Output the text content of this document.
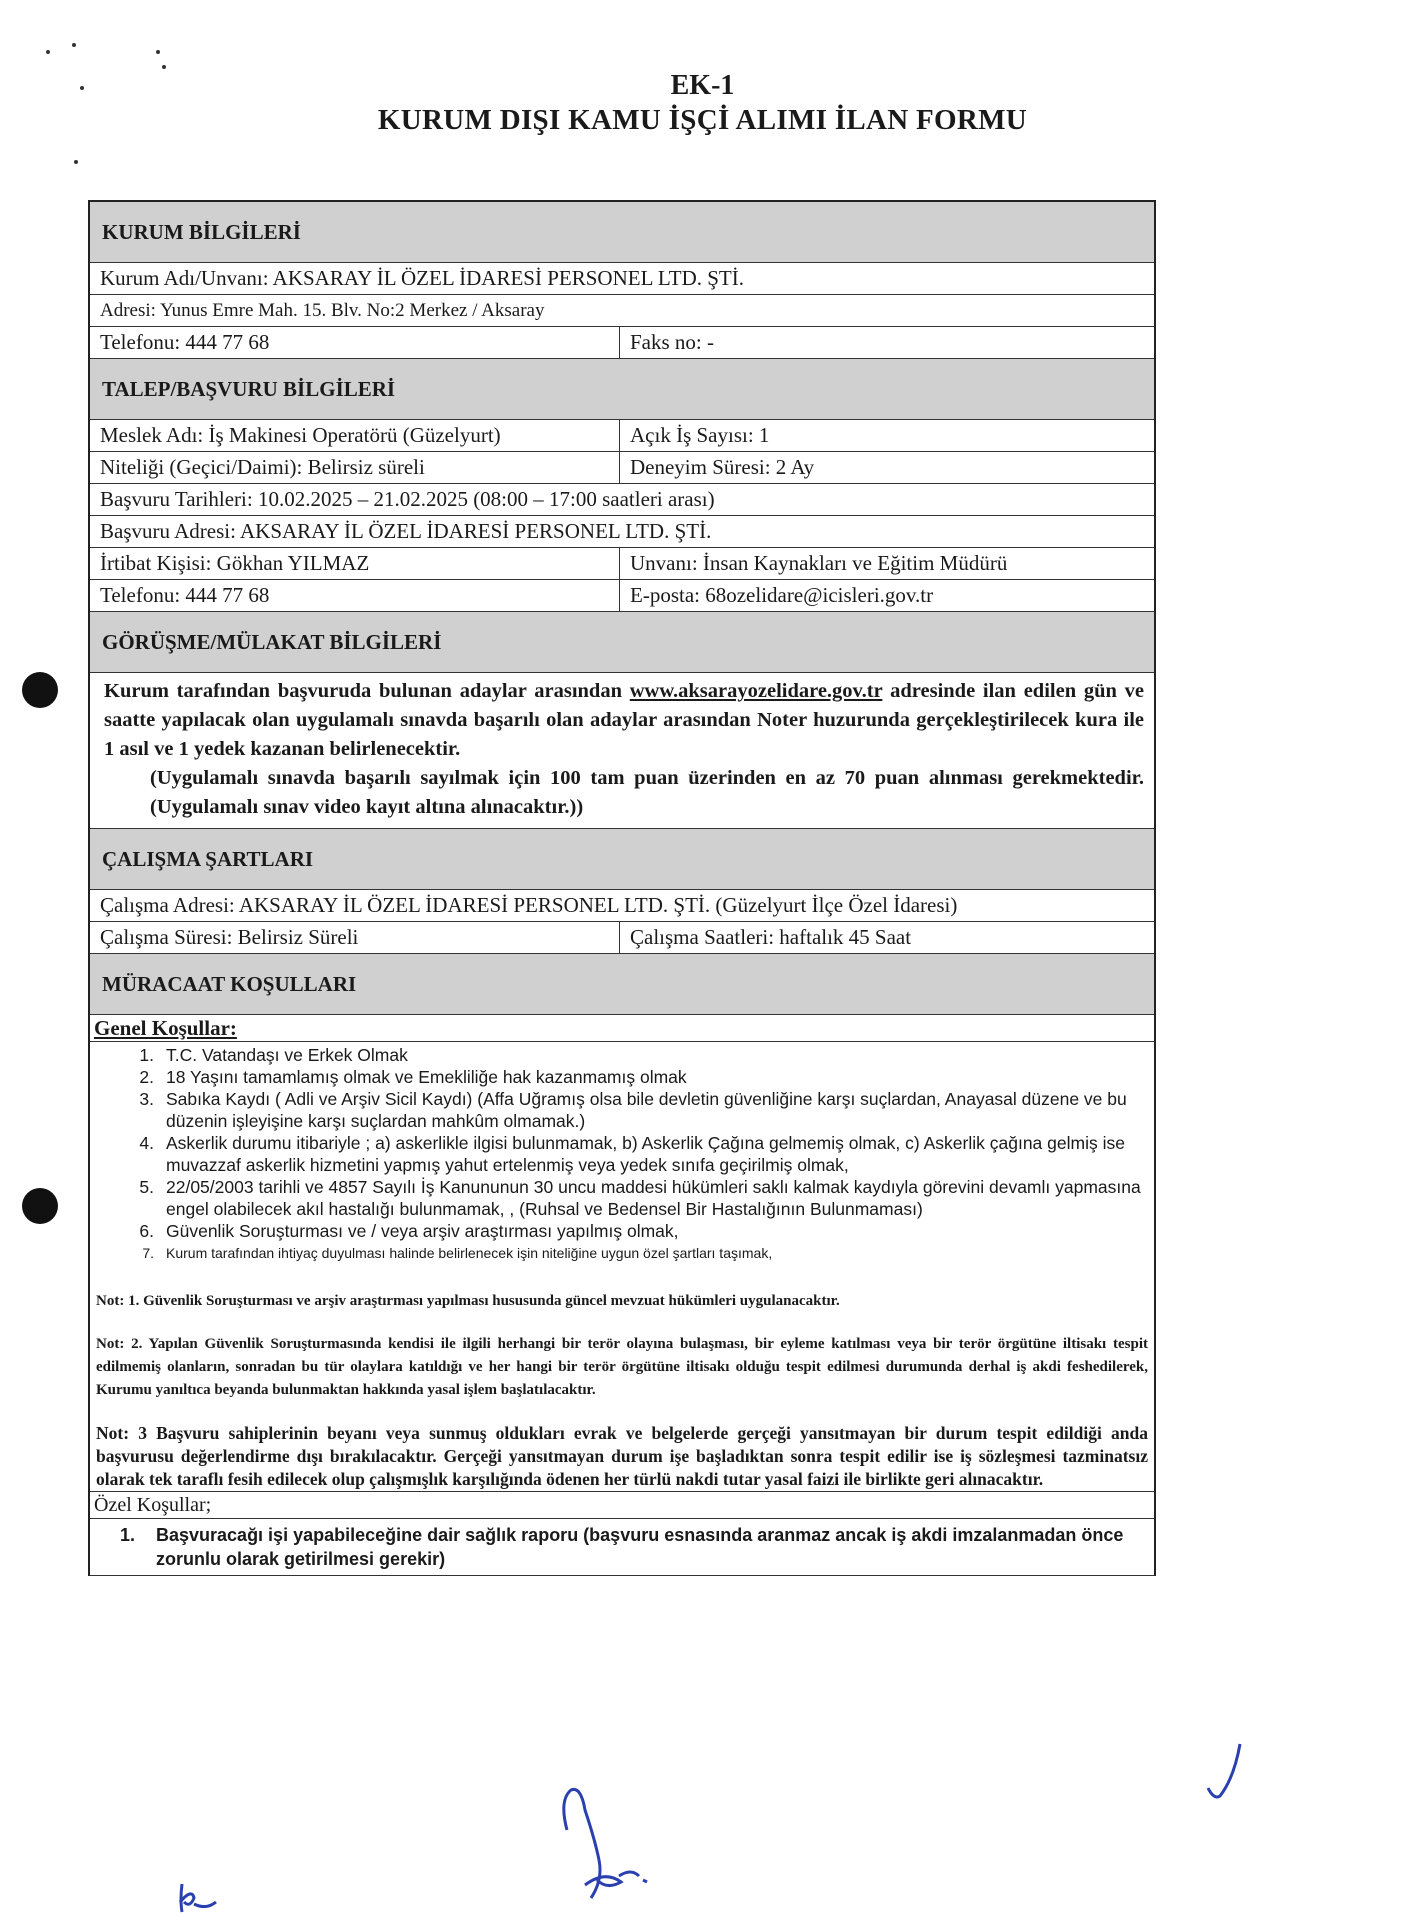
EK-1
KURUM DIŞI KAMU İŞÇİ ALIMI İLAN FORMU
KURUM BİLGİLERİ
Kurum Adı/Unvanı: AKSARAY İL ÖZEL İDARESİ PERSONEL LTD. ŞTİ.
Adresi: Yunus Emre Mah. 15. Blv. No:2 Merkez / Aksaray
Telefonu: 444 77 68	Faks no: -
TALEP/BAŞVURU BİLGİLERİ
Meslek Adı: İş Makinesi Operatörü (Güzelyurt)	Açık İş Sayısı: 1
Niteliği (Geçici/Daimi): Belirsiz süreli	Deneyim Süresi: 2 Ay
Başvuru Tarihleri: 10.02.2025 – 21.02.2025 (08:00 – 17:00 saatleri arası)
Başvuru Adresi: AKSARAY İL ÖZEL İDARESİ PERSONEL LTD. ŞTİ.
İrtibat Kişisi: Gökhan YILMAZ	Unvanı: İnsan Kaynakları ve Eğitim Müdürü
Telefonu: 444 77 68	E-posta: 68ozelidare@icisleri.gov.tr
GÖRÜŞME/MÜLAKAT BİLGİLERİ
Kurum tarafından başvuruda bulunan adaylar arasından www.aksarayozelidare.gov.tr adresinde ilan edilen gün ve saatte yapılacak olan uygulamalı sınavda başarılı olan adaylar arasından Noter huzurunda gerçekleştirilecek kura ile 1 asıl ve 1 yedek kazanan belirlenecektir.
(Uygulamalı sınavda başarılı sayılmak için 100 tam puan üzerinden en az 70 puan alınması gerekmektedir. (Uygulamalı sınav video kayıt altına alınacaktır.))
ÇALIŞMA ŞARTLARI
Çalışma Adresi: AKSARAY İL ÖZEL İDARESİ PERSONEL LTD. ŞTİ. (Güzelyurt İlçe Özel İdaresi)
Çalışma Süresi: Belirsiz Süreli	Çalışma Saatleri: haftalık 45 Saat
MÜRACAAT KOŞULLARI
Genel Koşullar:
1. T.C. Vatandaşı ve Erkek Olmak
2. 18 Yaşını tamamlamış olmak ve Emekliliğe hak kazanmamış olmak
3. Sabıka Kaydı ( Adli ve Arşiv Sicil Kaydı) (Affa Uğramış olsa bile devletin güvenliğine karşı suçlardan, Anayasal düzene ve bu düzenin işleyişine karşı suçlardan mahkûm olmamak.)
4. Askerlik durumu itibariyle ; a) askerlikle ilgisi bulunmamak, b) Askerlik Çağına gelmemiş olmak, c) Askerlik çağına gelmiş ise muvazzaf askerlik hizmetini yapmış yahut ertelenmiş veya yedek sınıfa geçirilmiş olmak,
5. 22/05/2003 tarihli ve 4857 Sayılı İş Kanununun 30 uncu maddesi hükümleri saklı kalmak kaydıyla görevini devamlı yapmasına engel olabilecek akıl hastalığı bulunmamak, , (Ruhsal ve Bedensel Bir Hastalığının Bulunmaması)
6. Güvenlik Soruşturması ve / veya arşiv araştırması yapılmış olmak,
7. Kurum tarafından ihtiyaç duyulması halinde belirlenecek işin niteliğine uygun özel şartları taşımak,
Not: 1. Güvenlik Soruşturması ve arşiv araştırması yapılması hususunda güncel mevzuat hükümleri uygulanacaktır.
Not: 2. Yapılan Güvenlik Soruşturmasında kendisi ile ilgili herhangi bir terör olayına bulaşması, bir eyleme katılması veya bir terör örgütüne iltisakı tespit edilmemiş olanların, sonradan bu tür olaylara katıldığı ve her hangi bir terör örgütüne iltisakı olduğu tespit edilmesi durumunda derhal iş akdi feshedilerek, Kurumu yanıltıca beyanda bulunmaktan hakkında yasal işlem başlatılacaktır.
Not: 3 Başvuru sahiplerinin beyanı veya sunmuş oldukları evrak ve belgelerde gerçeği yansıtmayan bir durum tespit edildiği anda başvurusu değerlendirme dışı bırakılacaktır. Gerçeği yansıtmayan durum işe başladıktan sonra tespit edilir ise iş sözleşmesi tazminatsız olarak tek taraflı fesih edilecek olup çalışmışlık karşılığında ödenen her türlü nakdi tutar yasal faizi ile birlikte geri alınacaktır.
Özel Koşullar;
1.	Başvuracağı işi yapabileceğine dair sağlık raporu (başvuru esnasında aranmaz ancak iş akdi imzalanmadan önce zorunlu olarak getirilmesi gerekir)
